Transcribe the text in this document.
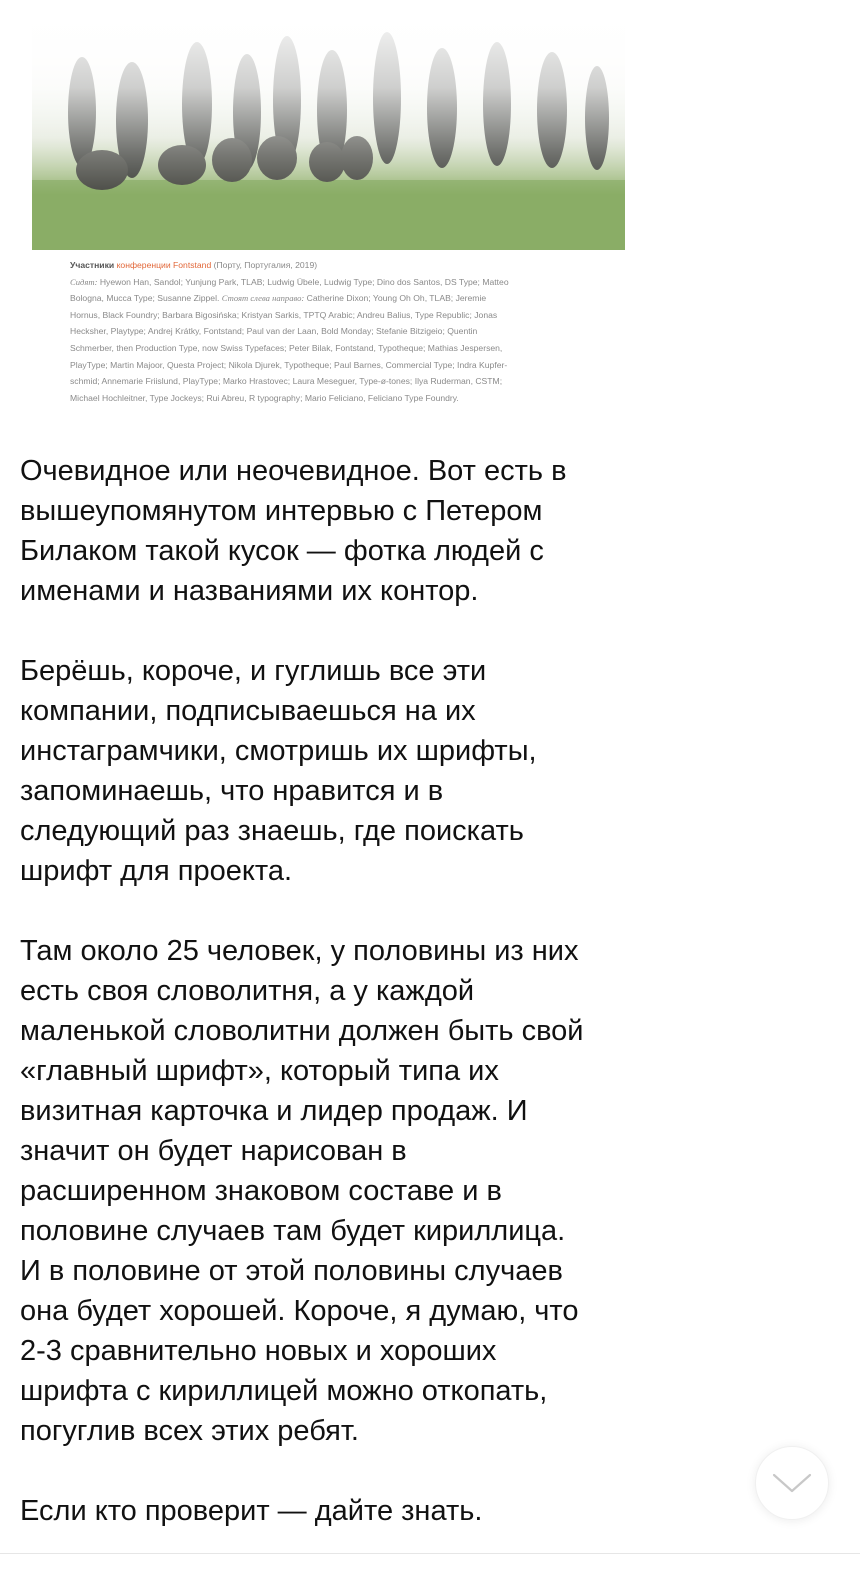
Участники конференции Fontstand (Порту, Португалия, 2019)
Сидят: Hyewon Han, Sandol; Yunjung Park, TLAB; Ludwig Übele, Ludwig Type; Dino dos Santos, DS Type; Matteo
Bologna, Mucca Type; Susanne Zippel. Стоят слева направо: Catherine Dixon; Young Oh Oh, TLAB; Jeremie
Hornus, Black Foundry; Barbara Bigosińska; Kristyan Sarkis, TPTQ Arabic; Andreu Balius, Type Republic; Jonas
Hecksher, Playtype; Andrej Krátky, Fontstand; Paul van der Laan, Bold Monday; Stefanie Bitzigeio; Quentin
Schmerber, then Production Type, now Swiss Typefaces; Peter Bilak, Fontstand, Typotheque; Mathias Jespersen,
PlayType; Martin Majoor, Questa Project; Nikola Djurek, Typotheque; Paul Barnes, Commercial Type; Indra Kupfer-
schmid; Annemarie Friislund, PlayType; Marko Hrastovec; Laura Meseguer, Type-ø-tones; Ilya Ruderman, CSTM;
Michael Hochleitner, Type Jockeys; Rui Abreu, R typography; Mario Feliciano, Feliciano Type Foundry.

Очевидное или неочевидное. Вот есть в
вышеупомянутом интервью с Петером
Билаком такой кусок — фотка людей с
именами и названиями их контор.

Берёшь, короче, и гуглишь все эти
компании, подписываешься на их
инстаграмчики, смотришь их шрифты,
запоминаешь, что нравится и в
следующий раз знаешь, где поискать
шрифт для проекта.

Там около 25 человек, у половины из них
есть своя словолитня, а у каждой
маленькой словолитни должен быть свой
«главный шрифт», который типа их
визитная карточка и лидер продаж. И
значит он будет нарисован в
расширенном знаковом составе и в
половине случаев там будет кириллица.
И в половине от этой половины случаев
она будет хорошей. Короче, я думаю, что
2-3 сравнительно новых и хороших
шрифта с кириллицей можно откопать,
погуглив всех этих ребят.

Если кто проверит — дайте знать.
